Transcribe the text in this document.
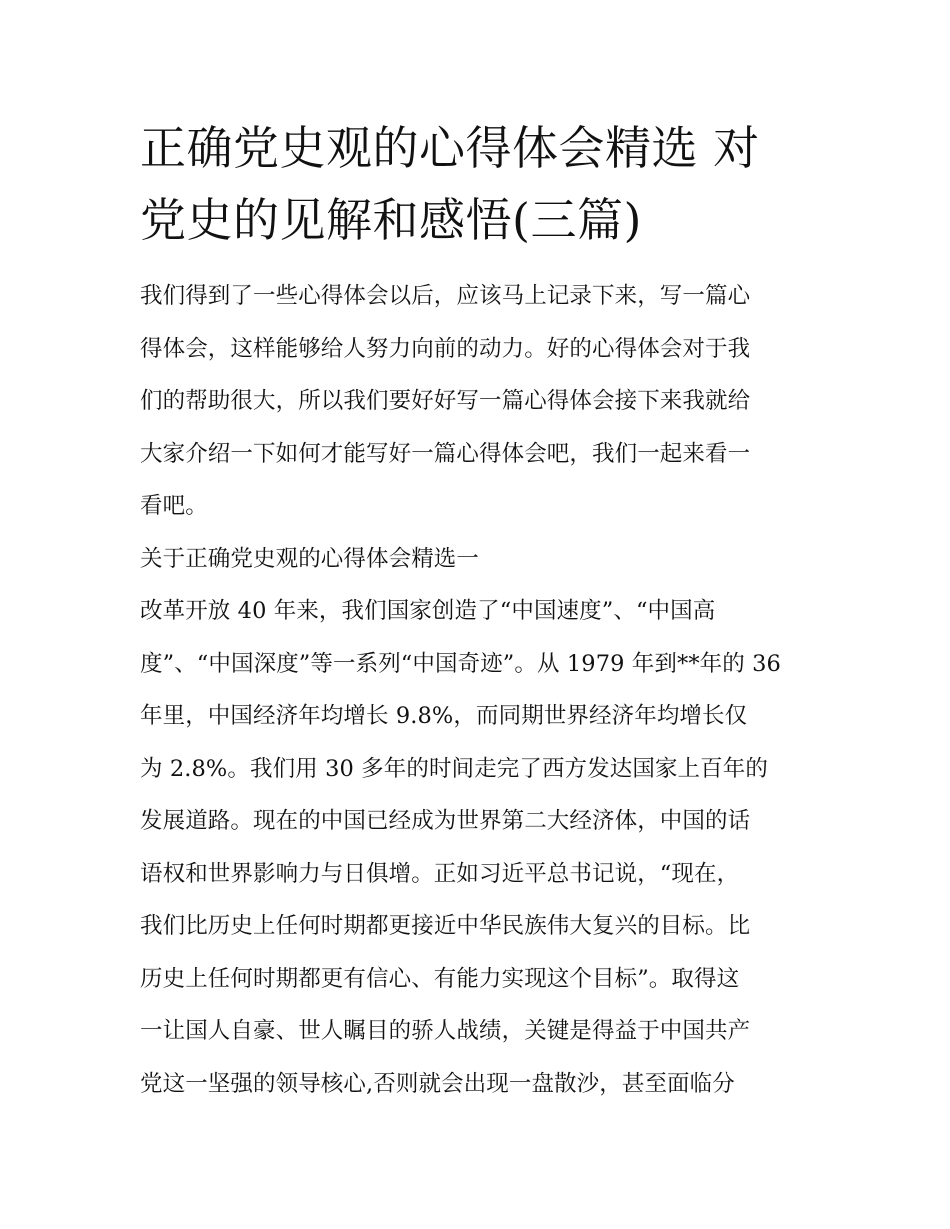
正确党史观的心得体会精选 对
党史的见解和感悟(三篇)
我们得到了一些心得体会以后，应该马上记录下来，写一篇心
得体会，这样能够给人努力向前的动力。好的心得体会对于我
们的帮助很大，所以我们要好好写一篇心得体会接下来我就给
大家介绍一下如何才能写好一篇心得体会吧，我们一起来看一
看吧。
关于正确党史观的心得体会精选一
改革开放 40 年来，我们国家创造了“中国速度”、“中国高
度”、“中国深度”等一系列“中国奇迹”。从 1979 年到**年的 36
年里，中国经济年均增长 9.8%，而同期世界经济年均增长仅
为 2.8%。我们用 30 多年的时间走完了西方发达国家上百年的
发展道路。现在的中国已经成为世界第二大经济体，中国的话
语权和世界影响力与日俱增。正如习近平总书记说，“现在，
我们比历史上任何时期都更接近中华民族伟大复兴的目标。比
历史上任何时期都更有信心、有能力实现这个目标”。取得这
一让国人自豪、世人瞩目的骄人战绩，关键是得益于中国共产
党这一坚强的领导核心,否则就会出现一盘散沙，甚至面临分
